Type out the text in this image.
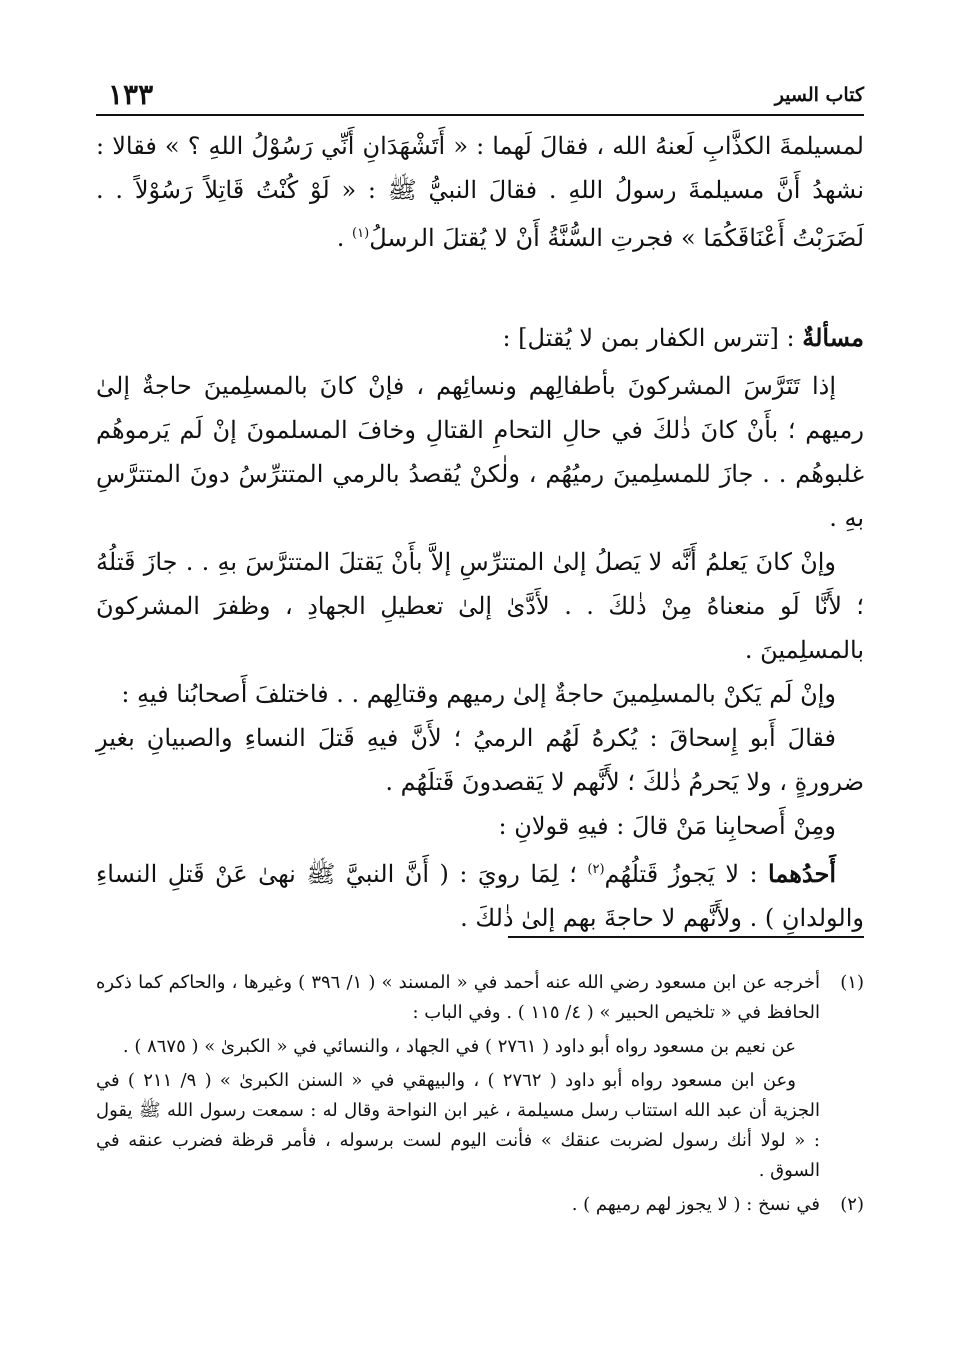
كتاب السير
١٣٣

لمسيلمةَ الكذَّابِ لَعنهُ الله ، فقالَ لَهما : « أَتَشْهَدَانِ أَنِّي رَسُوْلُ اللهِ ؟ » فقالا : نشهدُ أَنَّ مسيلمةَ رسولُ اللهِ . فقالَ النبيُّ ﷺ : « لَوْ كُنْتُ قَاتِلاً رَسُوْلاً . . لَضَرَبْتُ أَعْنَاقَكُمَا » فجرتِ السُّنَّةُ أَنْ لا يُقتلَ الرسلُ$^{(١)}$ .

مسألةٌ : [تترس الكفار بمن لا يُقتل] :

إذا تَتَرَّسَ المشركونَ بأطفالِهم ونسائِهم ، فإنْ كانَ بالمسلِمينَ حاجةٌ إلىٰ رميهم ؛ بأَنْ كانَ ذٰلكَ في حالِ التحامِ القتالِ وخافَ المسلمونَ إنْ لَم يَرموهُم غلبوهُم . . جازَ للمسلِمينَ رميُهُم ، ولٰكنْ يُقصدُ بالرمي المتترِّسُ دونَ المتترَّسِ بهِ .

وإنْ كانَ يَعلمُ أَنَّه لا يَصلُ إلىٰ المتترِّسِ إلاَّ بأَنْ يَقتلَ المتترَّسَ بهِ . . جازَ قَتلُهُ ؛ لأَنَّا لَو منعناهُ مِنْ ذٰلكَ . . لأَدَّىٰ إلىٰ تعطيلِ الجهادِ ، وظفرَ المشركونَ بالمسلِمينَ .

وإنْ لَم يَكنْ بالمسلِمينَ حاجةٌ إلىٰ رميهم وقتالِهم . . فاختلفَ أَصحابُنا فيهِ :

فقالَ أَبو إِسحاقَ : يُكرهُ لَهُم الرميُ ؛ لأَنَّ فيهِ قَتلَ النساءِ والصبيانِ بغيرِ ضرورةٍ ، ولا يَحرمُ ذٰلكَ ؛ لأَنَّهم لا يَقصدونَ قَتلَهُم .

ومِنْ أَصحابِنا مَنْ قالَ : فيهِ قولانِ :

أَحدُهما : لا يَجوزُ قَتلُهُم$^{(٢)}$ ؛ لِمَا رويَ : ( أَنَّ النبيَّ ﷺ نهىٰ عَنْ قَتلِ النساءِ والولدانِ ) . ولأَنَّهم لا حاجةَ بهم إلىٰ ذٰلكَ .

(١)

أخرجه عن ابن مسعود رضي الله عنه أحمد في « المسند » ( ١/ ٣٩٦ ) وغيرها ، والحاكم كما ذكره الحافظ في « تلخيص الحبير » ( ٤/ ١١٥ ) . وفي الباب :

عن نعيم بن مسعود رواه أبو داود ( ٢٧٦١ ) في الجهاد ، والنسائي في « الكبرىٰ » ( ٨٦٧٥ ) .

وعن ابن مسعود رواه أبو داود ( ٢٧٦٢ ) ، والبيهقي في « السنن الكبرىٰ » ( ٩/ ٢١١ ) في الجزية أن عبد الله استتاب رسل مسيلمة ، غير ابن النواحة وقال له : سمعت رسول الله ﷺ يقول : « لولا أنك رسول لضربت عنقك » فأنت اليوم لست برسوله ، فأمر قرظة فضرب عنقه في السوق .

(٢)

في نسخ : ( لا يجوز لهم رميهم ) .
